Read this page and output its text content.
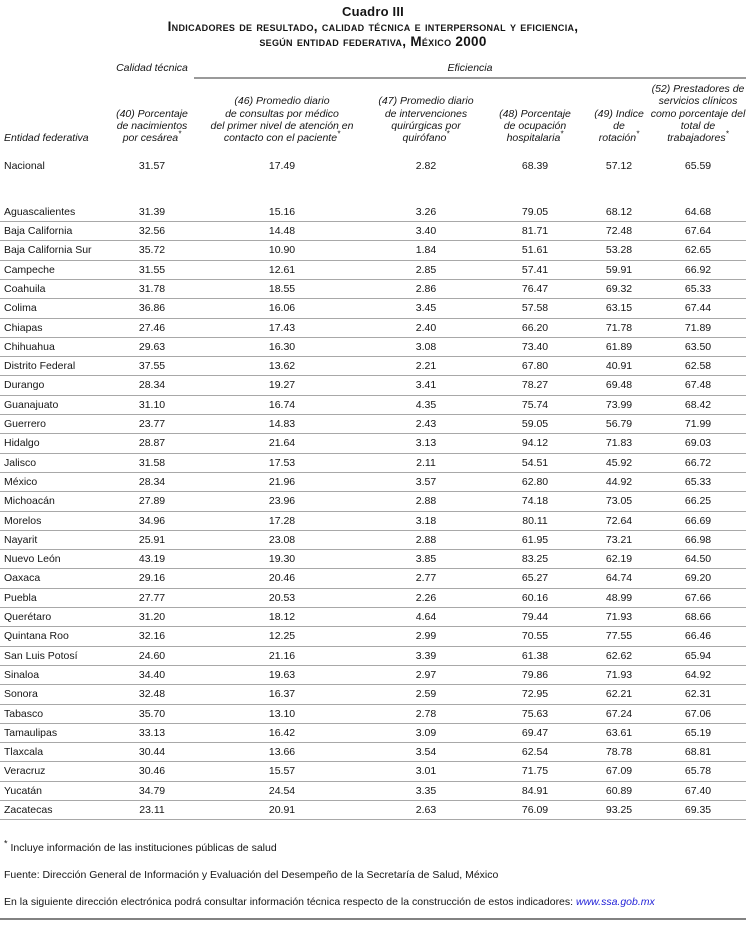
Cuadro III
Indicadores de resultado, calidad técnica e interpersonal y eficiencia,
según entidad federativa, México 2000
Calidad técnica	Eficiencia
Entidad federativa
(40) Porcentaje
de nacimientos
por cesárea*
(46) Promedio diario
de consultas por médico
del primer nivel de atención en
contacto con el paciente*
(47) Promedio diario
de intervenciones
quirúrgicas por
quirófano*
(48) Porcentaje
de ocupación
hospitalaria*
(49) Indice
de
rotación*
(52) Prestadores de
servicios clínicos
como porcentaje del
total de trabajadores*
Nacional	31.57	17.49	2.82	68.39	57.12	65.59
Aguascalientes	31.39	15.16	3.26	79.05	68.12	64.68
Baja California	32.56	14.48	3.40	81.71	72.48	67.64
Baja California Sur	35.72	10.90	1.84	51.61	53.28	62.65
Campeche	31.55	12.61	2.85	57.41	59.91	66.92
Coahuila	31.78	18.55	2.86	76.47	69.32	65.33
Colima	36.86	16.06	3.45	57.58	63.15	67.44
Chiapas	27.46	17.43	2.40	66.20	71.78	71.89
Chihuahua	29.63	16.30	3.08	73.40	61.89	63.50
Distrito Federal	37.55	13.62	2.21	67.80	40.91	62.58
Durango	28.34	19.27	3.41	78.27	69.48	67.48
Guanajuato	31.10	16.74	4.35	75.74	73.99	68.42
Guerrero	23.77	14.83	2.43	59.05	56.79	71.99
Hidalgo	28.87	21.64	3.13	94.12	71.83	69.03
Jalisco	31.58	17.53	2.11	54.51	45.92	66.72
México	28.34	21.96	3.57	62.80	44.92	65.33
Michoacán	27.89	23.96	2.88	74.18	73.05	66.25
Morelos	34.96	17.28	3.18	80.11	72.64	66.69
Nayarit	25.91	23.08	2.88	61.95	73.21	66.98
Nuevo León	43.19	19.30	3.85	83.25	62.19	64.50
Oaxaca	29.16	20.46	2.77	65.27	64.74	69.20
Puebla	27.77	20.53	2.26	60.16	48.99	67.66
Querétaro	31.20	18.12	4.64	79.44	71.93	68.66
Quintana Roo	32.16	12.25	2.99	70.55	77.55	66.46
San Luis Potosí	24.60	21.16	3.39	61.38	62.62	65.94
Sinaloa	34.40	19.63	2.97	79.86	71.93	64.92
Sonora	32.48	16.37	2.59	72.95	62.21	62.31
Tabasco	35.70	13.10	2.78	75.63	67.24	67.06
Tamaulipas	33.13	16.42	3.09	69.47	63.61	65.19
Tlaxcala	30.44	13.66	3.54	62.54	78.78	68.81
Veracruz	30.46	15.57	3.01	71.75	67.09	65.78
Yucatán	34.79	24.54	3.35	84.91	60.89	67.40
Zacatecas	23.11	20.91	2.63	76.09	93.25	69.35
* Incluye información de las instituciones públicas de salud
Fuente: Dirección General de Información y Evaluación del Desempeño de la Secretaría de Salud, México
En la siguiente dirección electrónica podrá consultar información técnica respecto de la construcción de estos indicadores: www.ssa.gob.mx
